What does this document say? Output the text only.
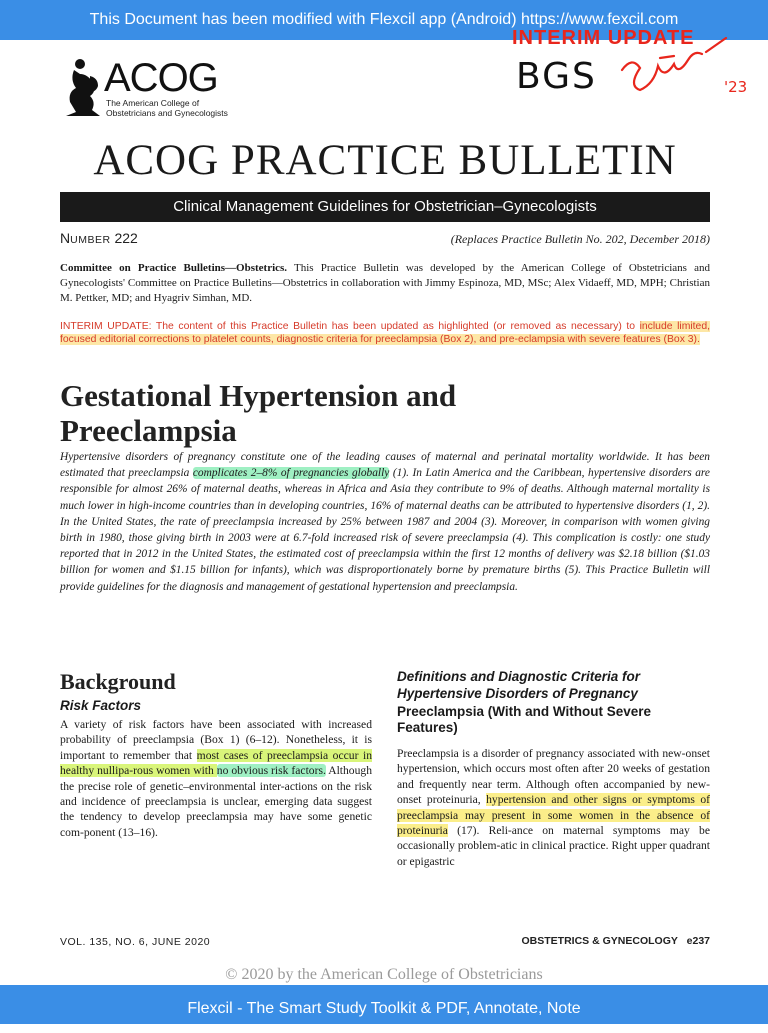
This Document has been modified with Flexcil app (Android) https://www.fexcil.com
INTERIM UPDATE
BGS	'23
ACOG
The American College of
Obstetricians and Gynecologists
ACOG PRACTICE BULLETIN
Clinical Management Guidelines for Obstetrician–Gynecologists
NUMBER 222	(Replaces Practice Bulletin No. 202, December 2018)
Committee on Practice Bulletins—Obstetrics. This Practice Bulletin was developed by the American College of Obstetricians and Gynecologists' Committee on Practice Bulletins—Obstetrics in collaboration with Jimmy Espinoza, MD, MSc; Alex Vidaeff, MD, MPH; Christian M. Pettker, MD; and Hyagriv Simhan, MD.
INTERIM UPDATE: The content of this Practice Bulletin has been updated as highlighted (or removed as necessary) to include limited, focused editorial corrections to platelet counts, diagnostic criteria for preeclampsia (Box 2), and pre-eclampsia with severe features (Box 3).
Gestational Hypertension and
Preeclampsia
Hypertensive disorders of pregnancy constitute one of the leading causes of maternal and perinatal mortality worldwide. It has been estimated that preeclampsia complicates 2–8% of pregnancies globally (1). In Latin America and the Caribbean, hypertensive disorders are responsible for almost 26% of maternal deaths, whereas in Africa and Asia they contribute to 9% of deaths. Although maternal mortality is much lower in high-income countries than in developing countries, 16% of maternal deaths can be attributed to hypertensive disorders (1, 2). In the United States, the rate of preeclampsia increased by 25% between 1987 and 2004 (3). Moreover, in comparison with women giving birth in 1980, those giving birth in 2003 were at 6.7-fold increased risk of severe preeclampsia (4). This complication is costly: one study reported that in 2012 in the United States, the estimated cost of preeclampsia within the first 12 months of delivery was $2.18 billion ($1.03 billion for women and $1.15 billion for infants), which was disproportionately borne by premature births (5). This Practice Bulletin will provide guidelines for the diagnosis and management of gestational hypertension and preeclampsia.
Background
Risk Factors

A variety of risk factors have been associated with increased probability of preeclampsia (Box 1) (6–12). Nonetheless, it is important to remember that most cases of preeclampsia occur in healthy nullipa-rous women with no obvious risk factors. Although the precise role of genetic–environmental inter-actions on the risk and incidence of preeclampsia is unclear, emerging data suggest the tendency to develop preeclampsia may have some genetic com-ponent (13–16).

Definitions and Diagnostic Criteria for Hypertensive Disorders of Pregnancy
Preeclampsia (With and Without Severe Features)

Preeclampsia is a disorder of pregnancy associated with new-onset hypertension, which occurs most often after 20 weeks of gestation and frequently near term. Although often accompanied by new-onset proteinuria, hypertension and other signs or symptoms of preeclampsia may present in some women in the absence of proteinuria (17). Reli-ance on maternal symptoms may be occasionally problem-atic in clinical practice. Right upper quadrant or epigastric

VOL. 135, NO. 6, JUNE 2020	OBSTETRICS & GYNECOLOGY e237
© 2020 by the American College of Obstetricians
Flexcil - The Smart Study Toolkit & PDF, Annotate, Note
